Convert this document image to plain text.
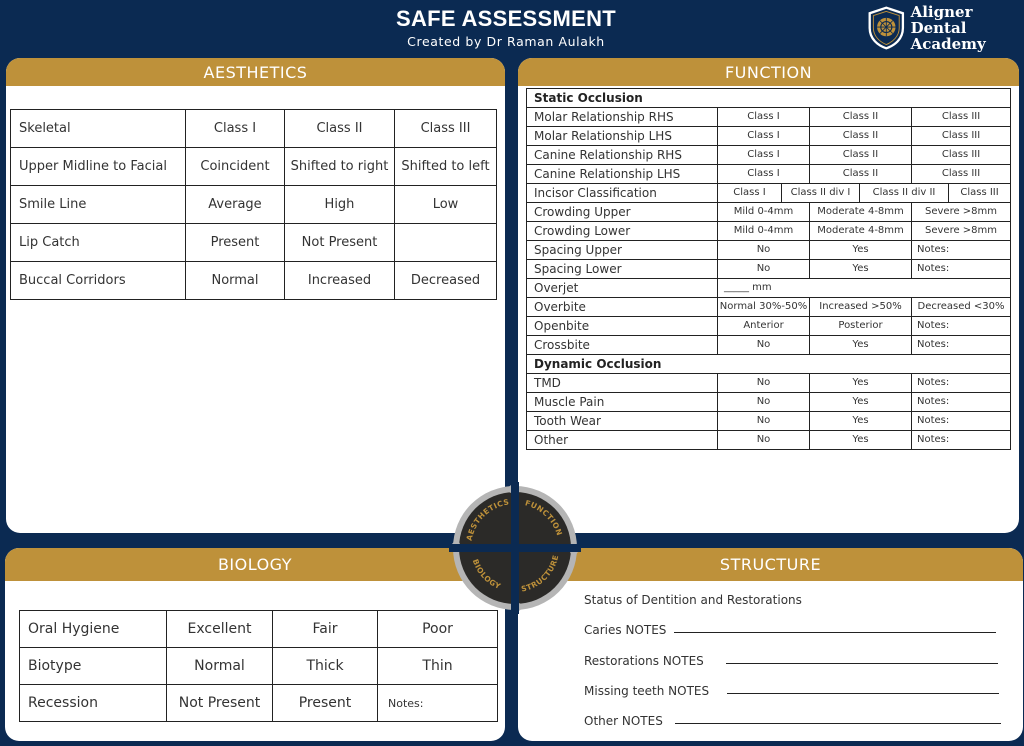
SAFE ASSESSMENT
Created by Dr Raman Aulakh
Aligner Dental
Academy
AESTHETICS
Skeletal	Class I	Class II	Class III
Upper Midline to Facial	Coincident	Shifted to right	Shifted to left
Smile Line	Average	High	Low
Lip Catch	Present	Not Present	
Buccal Corridors	Normal	Increased	Decreased
FUNCTION
Static Occlusion						
Molar Relationship RHS	Class I		Class II		Class III	
Molar Relationship LHS	Class I		Class II		Class III	
Canine Relationship RHS	Class I		Class II		Class III	
Canine Relationship LHS	Class I		Class II		Class III	
Incisor Classification	Class I	Class II div I		Class II div II		Class III
Crowding Upper	Mild 0-4mm		Moderate 4-8mm		Severe >8mm	
Crowding Lower	Mild 0-4mm		Moderate 4-8mm		Severe >8mm	
Spacing Upper	No		Yes		Notes:	
Spacing Lower	No		Yes		Notes:	
Overjet	_____ mm					
Overbite	Normal 30%-50%		Increased >50%		Decreased <30%	
Openbite	Anterior		Posterior		Notes:	
Crossbite	No		Yes		Notes:	
Dynamic Occlusion						
TMD	No		Yes		Notes:	
Muscle Pain	No		Yes		Notes:	
Tooth Wear	No		Yes		Notes:	
Other	No		Yes		Notes:	
BIOLOGY
Oral Hygiene	Excellent	Fair	Poor
Biotype	Normal	Thick	Thin
Recession	Not Present	Present	Notes:
STRUCTURE
Status of Dentition and Restorations
Caries NOTES
Restorations NOTES
Missing teeth NOTES
Other NOTES
AESTHETICS FUNCTION
STRUCTURE
BIOLOGY
